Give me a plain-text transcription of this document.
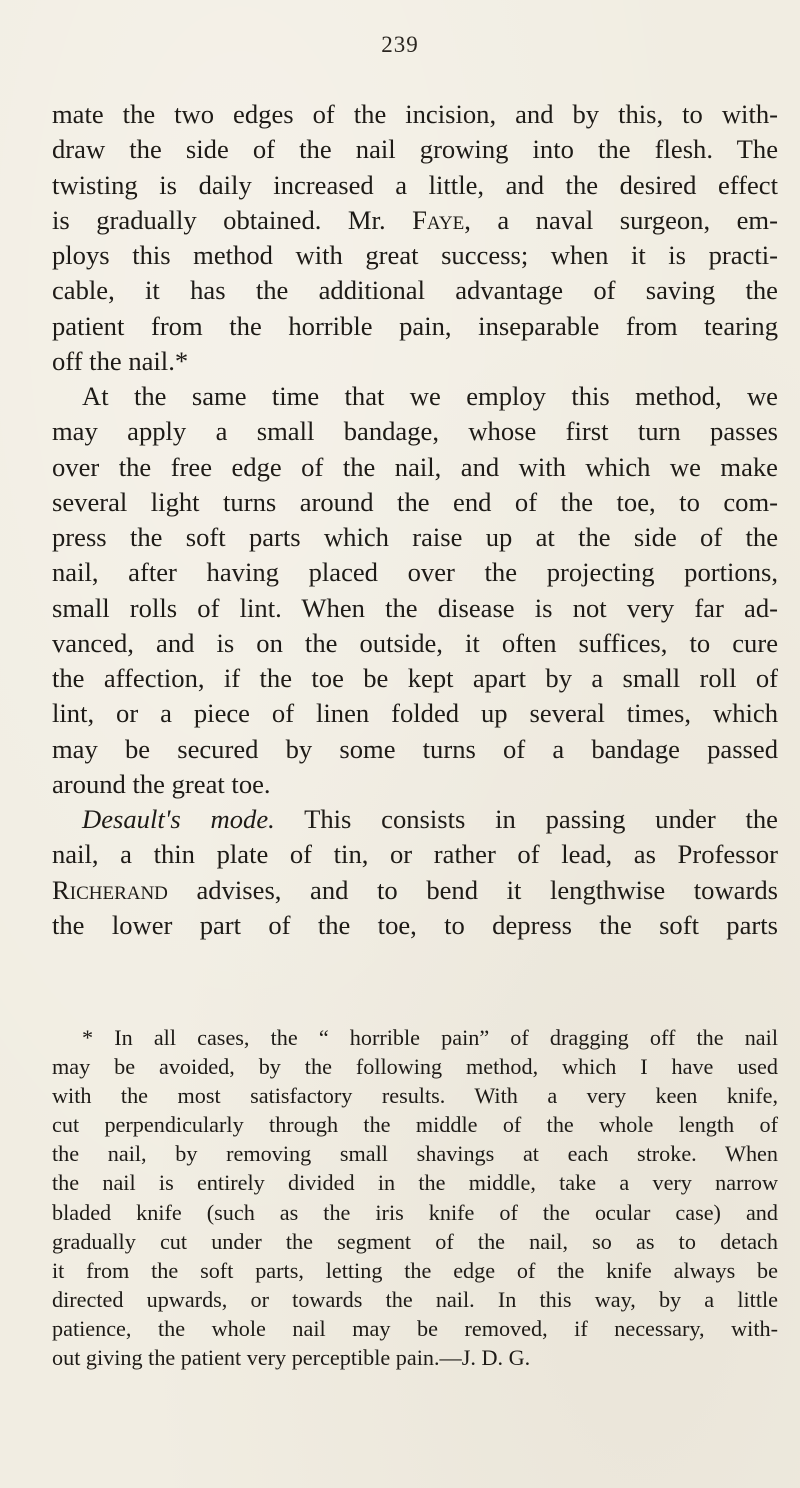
239
mate the two edges of the incision, and by this, to with-
draw the side of the nail growing into the flesh. The
twisting is daily increased a little, and the desired effect
is gradually obtained. Mr. Faye, a naval surgeon, em-
ploys this method with great success; when it is practi-
cable, it has the additional advantage of saving the
patient from the horrible pain, inseparable from tearing
off the nail.*
At the same time that we employ this method, we
may apply a small bandage, whose first turn passes
over the free edge of the nail, and with which we make
several light turns around the end of the toe, to com-
press the soft parts which raise up at the side of the
nail, after having placed over the projecting portions,
small rolls of lint. When the disease is not very far ad-
vanced, and is on the outside, it often suffices, to cure
the affection, if the toe be kept apart by a small roll of
lint, or a piece of linen folded up several times, which
may be secured by some turns of a bandage passed
around the great toe.
Desault's mode. This consists in passing under the
nail, a thin plate of tin, or rather of lead, as Professor
Richerand advises, and to bend it lengthwise towards
the lower part of the toe, to depress the soft parts
* In all cases, the “ horrible pain” of dragging off the nail
may be avoided, by the following method, which I have used
with the most satisfactory results. With a very keen knife,
cut perpendicularly through the middle of the whole length of
the nail, by removing small shavings at each stroke. When
the nail is entirely divided in the middle, take a very narrow
bladed knife (such as the iris knife of the ocular case) and
gradually cut under the segment of the nail, so as to detach
it from the soft parts, letting the edge of the knife always be
directed upwards, or towards the nail. In this way, by a little
patience, the whole nail may be removed, if necessary, with-
out giving the patient very perceptible pain.—J. D. G.
